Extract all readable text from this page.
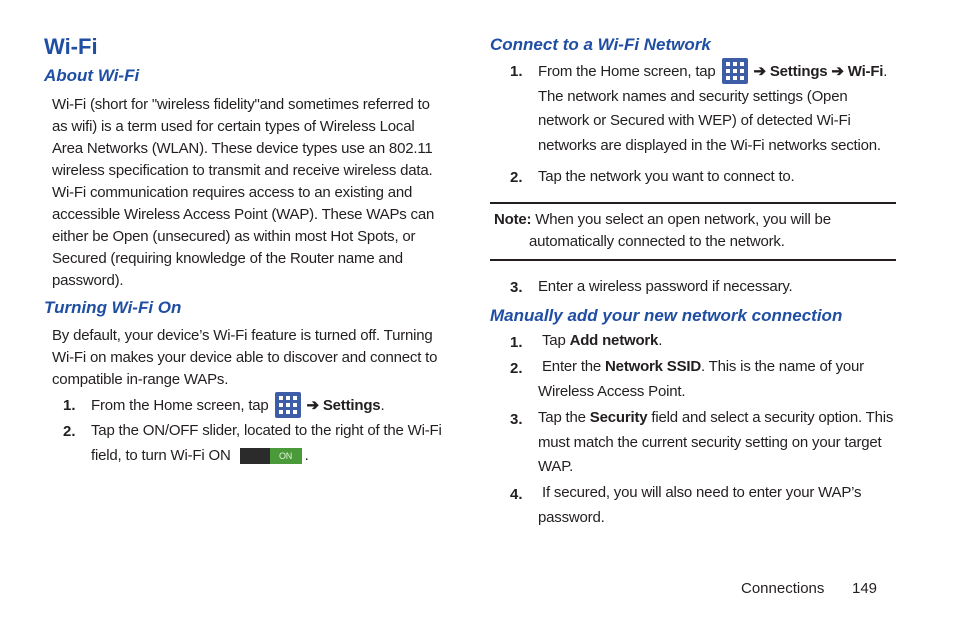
Wi-Fi
About Wi-Fi
Wi-Fi (short for "wireless fidelity"and sometimes referred to
as wifi) is a term used for certain types of Wireless Local
Area Networks (WLAN). These device types use an 802.11
wireless specification to transmit and receive wireless data.
Wi-Fi communication requires access to an existing and
accessible Wireless Access Point (WAP). These WAPs can
either be Open (unsecured) as within most Hot Spots, or
Secured (requiring knowledge of the Router name and
password).
Turning Wi-Fi On
By default, your device’s Wi-Fi feature is turned off. Turning
Wi-Fi on makes your device able to discover and connect to
compatible in-range WAPs.
1. From the Home screen, tap	➔ Settings.
2. Tap the ON/OFF slider, located to the right of the Wi-Fi
field, to turn Wi-Fi ON	ON .
Connect to a Wi-Fi Network
1. From the Home screen, tap	➔ Settings ➔ Wi-Fi.
The network names and security settings (Open
network or Secured with WEP) of detected Wi-Fi
networks are displayed in the Wi-Fi networks section.
2. Tap the network you want to connect to.
Note: When you select an open network, you will be
automatically connected to the network.
3. Enter a wireless password if necessary.
Manually add your new network connection
1. Tap Add network.
2. Enter the Network SSID. This is the name of your
Wireless Access Point.
3. Tap the Security field and select a security option. This
must match the current security setting on your target
WAP.
4. If secured, you will also need to enter your WAP’s
password.
Connections 149
